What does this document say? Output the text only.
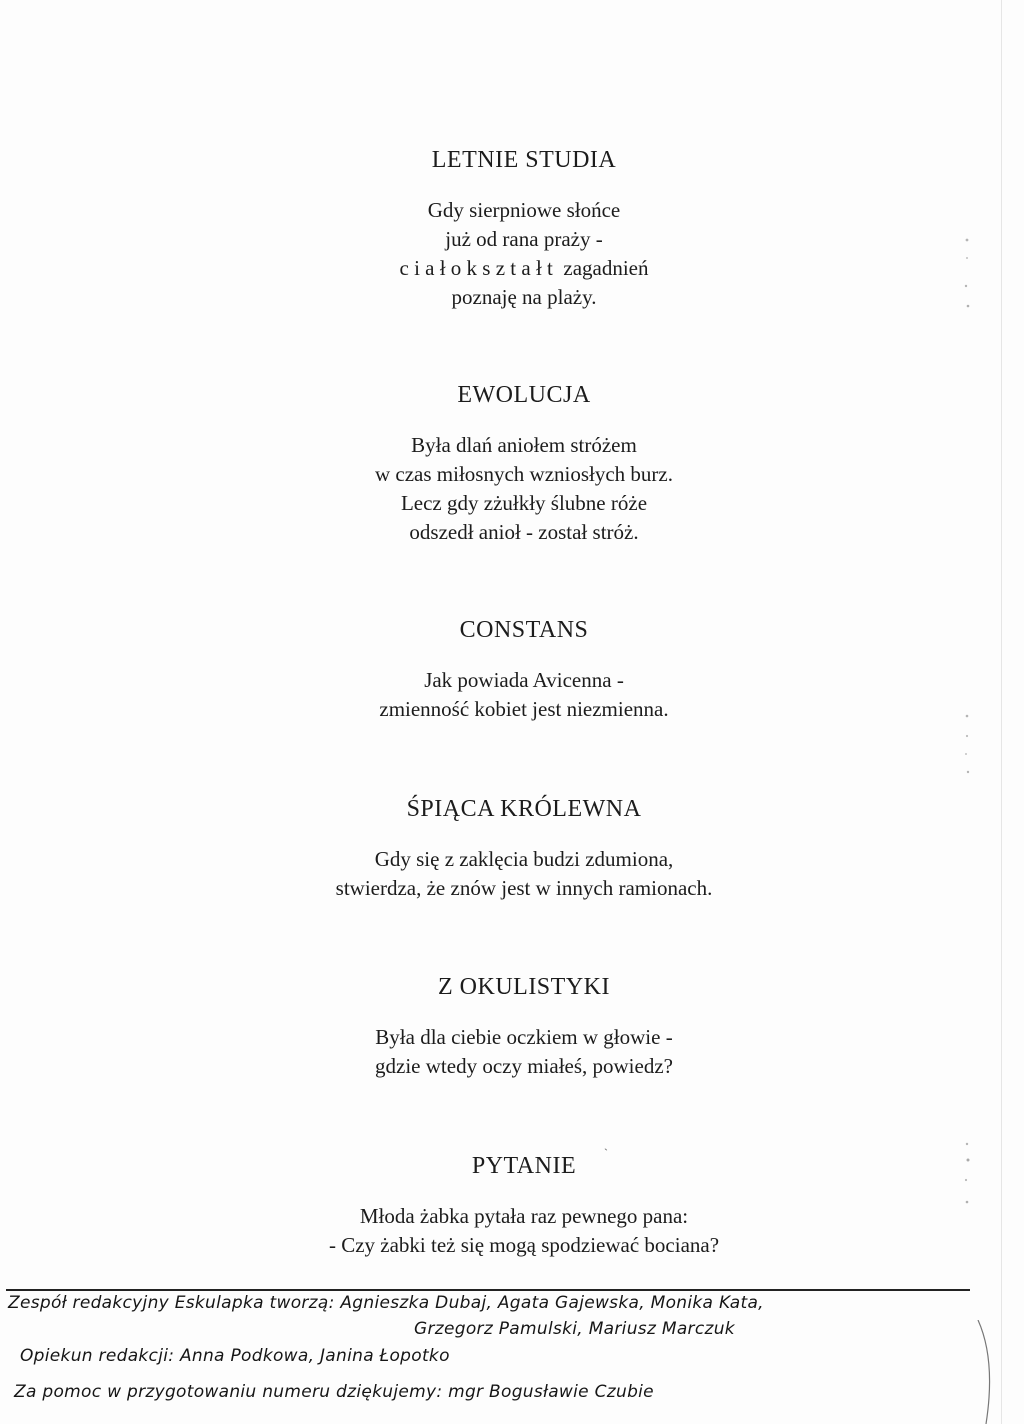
LETNIE STUDIA

Gdy sierpniowe słońce

już od rana praży -

c i a ł o k s z t a ł t  zagadnień

poznaję na plaży.

EWOLUCJA

Była dlań aniołem stróżem

w czas miłosnych wzniosłych burz.

Lecz gdy zżułkły ślubne róże

odszedł anioł - został stróż.

CONSTANS

Jak powiada Avicenna -

zmienność kobiet jest niezmienna.

ŚPIĄCA KRÓLEWNA

Gdy się z zaklęcia budzi zdumiona,

stwierdza, że znów jest w innych ramionach.

Z OKULISTYKI

Była dla ciebie oczkiem w głowie -

gdzie wtedy oczy miałeś, powiedz?

PYTANIE

Młoda żabka pytała raz pewnego pana:

- Czy żabki też się mogą spodziewać bociana?

ˋ
Zespół redakcyjny Eskulapka tworzą: Agnieszka Dubaj, Agata Gajewska, Monika Kata,
Grzegorz Pamulski, Mariusz Marczuk
Opiekun redakcji: Anna Podkowa, Janina Łopotko
Za pomoc w przygotowaniu numeru dziękujemy: mgr Bogusławie Czubie
